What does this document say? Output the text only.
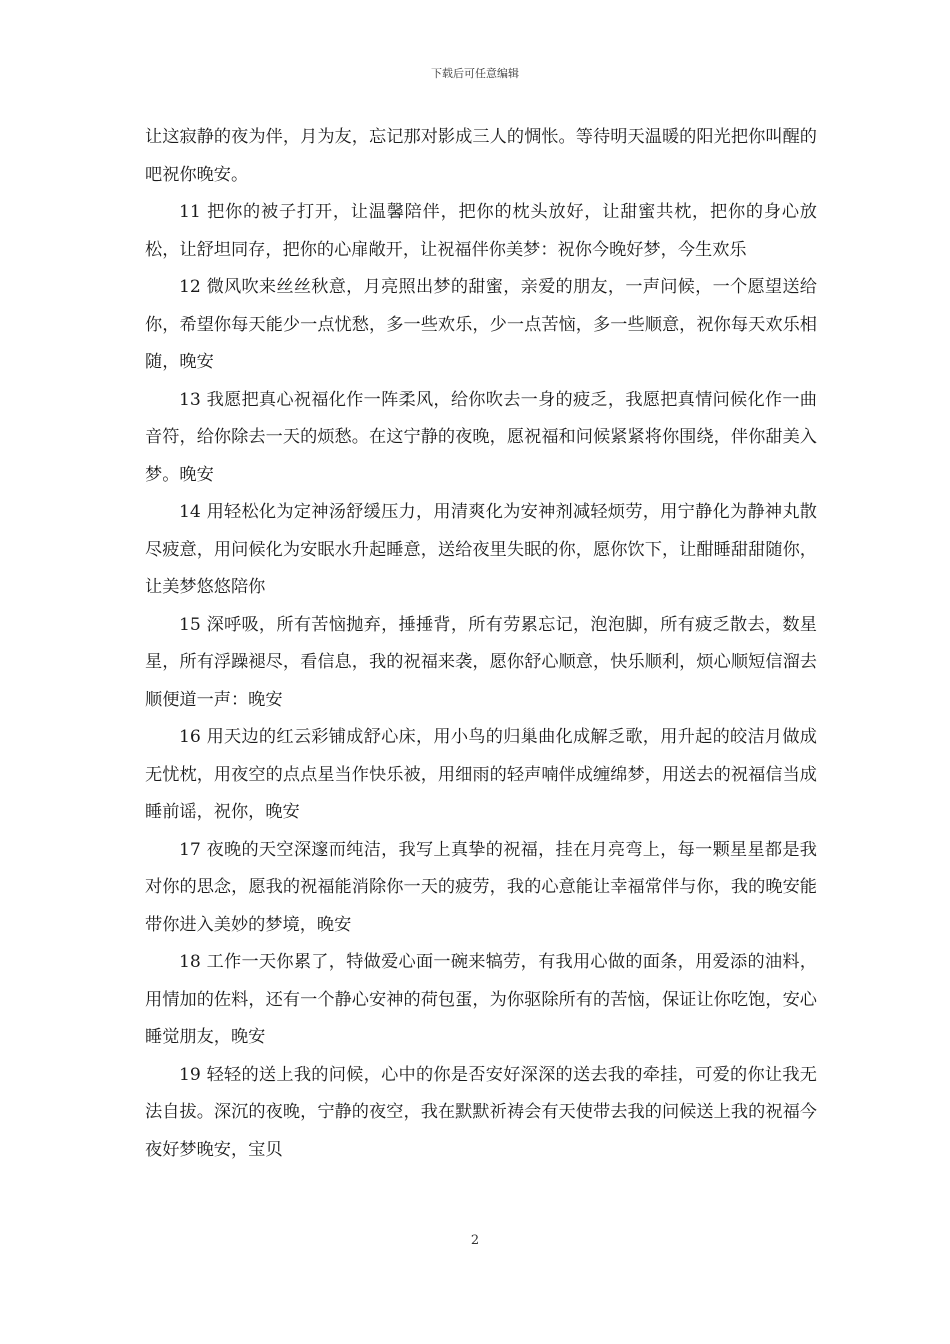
下载后可任意编辑

让这寂静的夜为伴，月为友，忘记那对影成三人的惆怅。等待明天温暖的阳光把你叫醒的吧祝你晚安。

11 把你的被子打开，让温馨陪伴，把你的枕头放好，让甜蜜共枕，把你的身心放松，让舒坦同存，把你的心扉敞开，让祝福伴你美梦：祝你今晚好梦，今生欢乐

12 微风吹来丝丝秋意，月亮照出梦的甜蜜，亲爱的朋友，一声问候，一个愿望送给你，希望你每天能少一点忧愁，多一些欢乐，少一点苦恼，多一些顺意，祝你每天欢乐相随，晚安

13 我愿把真心祝福化作一阵柔风，给你吹去一身的疲乏，我愿把真情问候化作一曲音符，给你除去一天的烦愁。在这宁静的夜晚，愿祝福和问候紧紧将你围绕，伴你甜美入梦。晚安

14 用轻松化为定神汤舒缓压力，用清爽化为安神剂减轻烦劳，用宁静化为静神丸散尽疲意，用问候化为安眠水升起睡意，送给夜里失眠的你，愿你饮下，让酣睡甜甜随你，让美梦悠悠陪你

15 深呼吸，所有苦恼抛弃，捶捶背，所有劳累忘记，泡泡脚，所有疲乏散去，数星星，所有浮躁褪尽，看信息，我的祝福来袭，愿你舒心顺意，快乐顺利，烦心顺短信溜去顺便道一声：晚安

16 用天边的红云彩铺成舒心床，用小鸟的归巢曲化成解乏歌，用升起的皎洁月做成无忧枕，用夜空的点点星当作快乐被，用细雨的轻声喃伴成缠绵梦，用送去的祝福信当成睡前谣，祝你，晚安

17 夜晚的天空深邃而纯洁，我写上真挚的祝福，挂在月亮弯上，每一颗星星都是我对你的思念，愿我的祝福能消除你一天的疲劳，我的心意能让幸福常伴与你，我的晚安能带你进入美妙的梦境，晚安

18 工作一天你累了，特做爱心面一碗来犒劳，有我用心做的面条，用爱添的油料，用情加的佐料，还有一个静心安神的荷包蛋，为你驱除所有的苦恼，保证让你吃饱，安心睡觉朋友，晚安

19 轻轻的送上我的问候，心中的你是否安好深深的送去我的牵挂，可爱的你让我无法自拔。深沉的夜晚，宁静的夜空，我在默默祈祷会有天使带去我的问候送上我的祝福今夜好梦晚安，宝贝

2
